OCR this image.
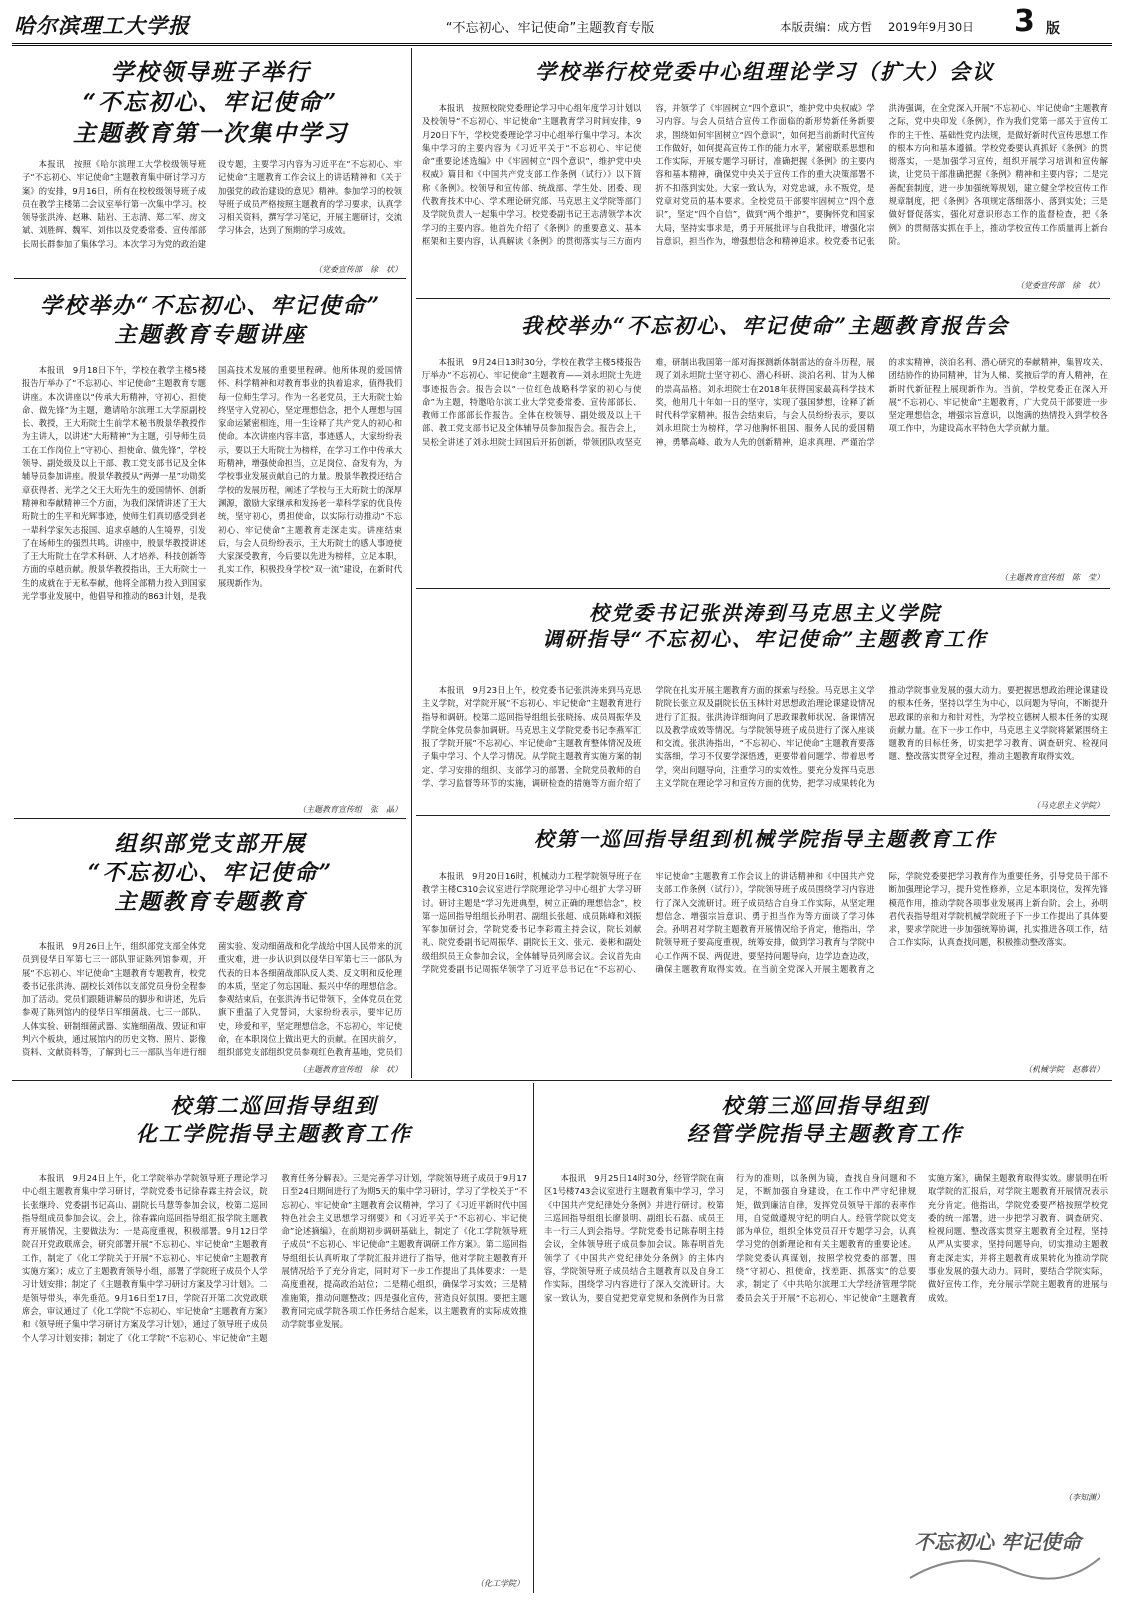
哈尔滨理工大学报	“不忘初心、牢记使命”主题教育专版	本版责编：成方哲	2019年9月30日	3 版
学校领导班子举行
“不忘初心、牢记使命”
主题教育第一次集中学习

本报讯　按照《哈尔滨理工大学校级领导班子“不忘初心、牢记使命”主题教育集中研讨学习方案》的安排，9月16日，所有在校校级领导班子成员在教学主楼第二会议室举行第一次集中学习。校领导张洪涛、赵琳、陆岩、王志清、郑二军、房文斌、刘胜辉、魏军、刘伟以及党委常委、宣传部部长周长群参加了集体学习。本次学习为党的政治建设专题，主要学习内容为习近平在“不忘初心、牢记使命”主题教育工作会议上的讲话精神和《关于加强党的政治建设的意见》精神。参加学习的校领导班子成员严格按照主题教育的学习要求，认真学习相关资料，撰写学习笔记，开展主题研讨，交流学习体会，达到了预期的学习成效。

（党委宣传部　徐　状）
学校举行校党委中心组理论学习（扩大）会议

本报讯　按照校院党委理论学习中心组年度学习计划以及校领导“不忘初心、牢记使命”主题教育学习时间安排，9月20日下午，学校党委理论学习中心组举行集中学习。本次集中学习的主要内容为《习近平关于“不忘初心、牢记使命”重要论述选编》中《牢固树立“四个意识”，维护党中央权威》篇目和《中国共产党支部工作条例（试行）》以下简称《条例》。校领导和宣传部、统战部、学生处、团委、现代教育技术中心、学术理论研究部、马克思主义学院等部门及学院负责人一起集中学习。校党委副书记王志清领学本次学习的主要内容。他首先介绍了《条例》的重要意义、基本框架和主要内容，认真解读《条例》的贯彻落实与三方面内容，并领学了《牢固树立“四个意识”，维护党中央权威》学习内容。与会人员结合宣传工作面临的新形势新任务新要求，围绕如何牢固树立“四个意识”，如何把当前新时代宣传工作做好，如何提高宣传工作的能力水平，紧密联系思想和工作实际，开展专题学习研讨，准确把握《条例》的主要内容和基本精神，确保党中央关于宣传工作的重大决策部署不折不扣落到实处。大家一致认为，对党忠诚，永不叛党，是党章对党员的基本要求。全校党员干部要牢固树立“四个意识”，坚定“四个自信”，做到“两个维护”，要胸怀党和国家大局，坚持实事求是，勇于开展批评与自我批评，增强化宗旨意识，担当作为，增强想信念和精神追求。校党委书记张洪涛强调，在全党深入开展“不忘初心、牢记使命”主题教育之际，党中央印发《条例》，作为我们党第一部关于宣传工作的主干性、基础性党内法规，是做好新时代宣传思想工作的根本方向和基本遵循。学校党委要认真抓好《条例》的贯彻落实，一是加强学习宣传，组织开展学习培训和宣传解读，让党员干部准确把握《条例》精神和主要内容；二是完善配套制度，进一步加强统筹规划，建立健全学校宣传工作规章制度，把《条例》各项规定落细落小、落到实处；三是做好督促落实，强化对意识形态工作的监督检查，把《条例》的贯彻落实抓在手上，推动学校宣传工作质量再上新台阶。

（党委宣传部　徐　状）
学校举办“不忘初心、牢记使命”
主题教育专题讲座

本报讯　9月18日下午，学校在教学主楼5楼报告厅举办了“不忘初心、牢记使命”主题教育专题讲座。本次讲座以“传承大珩精神，守初心、担使命、做先锋”为主题，邀请哈尔滨理工大学原副校长、教授，王大珩院士生前学术秘书殷景华教授作为主讲人，以讲述“大珩精神”为主题，引导师生员工在工作岗位上“守初心、担使命、做先锋”，学校领导、副处级及以上干部、教工党支部书记及全体辅导员参加讲座。殷景华教授从“两弹一星”功勋奖章获得者、光学之父王大珩先生的爱国情怀、创新精神和奉献精神三个方面，为我们深情讲述了王大珩院士的生平和光辉事迹，使师生们真切感受到老一辈科学家矢志报国、追求卓越的人生境界，引发了在场师生的强烈共鸣。讲座中，殷景华教授讲述了王大珩院士在学术科研、人才培养、科技创新等方面的卓越贡献。殷景华教授指出，王大珩院士一生的成就在于无私奉献，他将全部精力投入到国家光学事业发展中，他倡导和推动的863计划，是我国高技术发展的重要里程碑。他所体现的爱国情怀、科学精神和对教育事业的执着追求，值得我们每一位师生学习。作为一名老党员，王大珩院士始终坚守入党初心，坚定理想信念，把个人理想与国家命运紧密相连，用一生诠释了共产党人的初心和使命。本次讲座内容丰富，事迹感人，大家纷纷表示，要以王大珩院士为榜样，在学习工作中传承大珩精神，增强使命担当，立足岗位、奋发有为，为学校事业发展贡献自己的力量。殷景华教授还结合学校的发展历程，阐述了学校与王大珩院士的深厚渊源，激励大家继承和发扬老一辈科学家的优良传统，坚守初心，勇担使命，以实际行动推动“不忘初心、牢记使命”主题教育走深走实。讲座结束后，与会人员纷纷表示，王大珩院士的感人事迹使大家深受教育，今后要以先进为榜样，立足本职，扎实工作，积极投身学校“双一流”建设，在新时代展现新作为。

（主题教育宣传组　张　晶）
我校举办“不忘初心、牢记使命”主题教育报告会

本报讯　9月24日13时30分，学校在教学主楼5楼报告厅举办“不忘初心、牢记使命”主题教育——刘永坦院士先进事迹报告会。报告会以“一位红色战略科学家的初心与使命”为主题，特邀哈尔滨工业大学党委常委、宣传部部长、教师工作部部长作报告。全体在校领导、副处级及以上干部、教工党支部书记及全体辅导员参加报告会。报告会上，吴松全讲述了刘永坦院士回国后开拓创新，带领团队攻坚克难，研制出我国第一部对海探测新体制雷达的奋斗历程，展现了刘永坦院士坚守初心、潜心科研、淡泊名利、甘为人梯的崇高品格。刘永坦院士在2018年获得国家最高科学技术奖，他用几十年如一日的坚守，实现了强国梦想，诠释了新时代科学家精神。报告会结束后，与会人员纷纷表示，要以刘永坦院士为榜样，学习他胸怀祖国、服务人民的爱国精神，勇攀高峰、敢为人先的创新精神，追求真理、严谨治学的求实精神，淡泊名利、潜心研究的奉献精神，集智攻关、团结协作的协同精神，甘为人梯、奖掖后学的育人精神，在新时代新征程上展现新作为。当前，学校党委正在深入开展“不忘初心、牢记使命”主题教育，广大党员干部要进一步坚定理想信念，增强宗旨意识，以饱满的热情投入到学校各项工作中，为建设高水平特色大学贡献力量。

（主题教育宣传组　陈　莹）
校党委书记张洪涛到马克思主义学院
调研指导“不忘初心、牢记使命”主题教育工作

本报讯　9月23日上午，校党委书记张洪涛来到马克思主义学院，对学院开展“不忘初心、牢记使命”主题教育进行指导和调研。校第二巡回指导组组长张晓扬、成员周振华及学院全体党员参加调研。马克思主义学院党委书记李燕军汇报了学院开展“不忘初心、牢记使命”主题教育整体情况及班子集中学习、个人学习情况。从学院主题教育实施方案的制定、学习安排的组织、支部学习的部署、全院党员教师的自学、学习监督等环节的实施，调研检查的措施等方面介绍了学院在扎实开展主题教育方面的探索与经验。马克思主义学院院长张立双及副院长伍玉林针对思想政治理论课建设情况进行了汇报。张洪涛详细询问了思政课教师状况、备课情况以及教学成效等情况。与学院领导班子成员进行了深入座谈和交流。张洪涛指出，“不忘初心、牢记使命”主题教育要落实落细，学习不仅要学深悟透，更要带着问题学、带着思考学，突出问题导向，注重学习的实效性。要充分发挥马克思主义学院在理论学习和宣传方面的优势，把学习成果转化为推动学院事业发展的强大动力。要把握思想政治理论课建设的根本任务，坚持以学生为中心，以问题为导向，不断提升思政课的亲和力和针对性，为学校立德树人根本任务的实现贡献力量。在下一步工作中，马克思主义学院将紧紧围绕主题教育的目标任务，切实把学习教育、调查研究、检视问题、整改落实贯穿全过程，推动主题教育取得实效。

（马克思主义学院）
组织部党支部开展
“不忘初心、牢记使命”
主题教育专题教育

本报讯　9月26日上午，组织部党支部全体党员到侵华日军第七三一部队罪证陈列馆参观，开展“不忘初心、牢记使命”主题教育专题教育，校党委书记张洪涛、副校长刘伟以支部党员身份全程参加了活动。党员们跟随讲解员的脚步和讲述，先后参观了陈列馆内的侵华日军细菌战、七三一部队、人体实验、研制细菌武器、实施细菌战、毁证和审判六个板块，通过展馆内的历史文物、照片、影像资料、文献资料等，了解到七三一部队当年进行细菌实验、发动细菌战和化学战给中国人民带来的沉重灾难，进一步认识到以侵华日军第七三一部队为代表的日本各细菌战部队反人类、反文明和反伦理的本质，坚定了勿忘国耻、振兴中华的理想信念。参观结束后，在张洪涛书记带领下，全体党员在党旗下重温了入党誓词，大家纷纷表示，要牢记历史，珍爱和平，坚定理想信念，不忘初心，牢记使命，在本职岗位上做出更大的贡献。在国庆前夕，组织部党支部组织党员参观红色教育基地，党员们

（主题教育宣传组　徐　状）
校第一巡回指导组到机械学院指导主题教育工作

本报讯　9月20日16时，机械动力工程学院领导班子在教学主楼C310会议室进行学院理论学习中心组扩大学习研讨。研讨主题是“学习先进典型，树立正确的理想信念”，校第一巡回指导组组长孙明君、副组长张超、成员陈峰和刘振军参加研讨会，学院党委书记李彩霞主持会议，院长刘献礼、院党委副书记周振华、副院长王文、张元、姜彬和副处级组织员王众参加会议，全体辅导员列席会议。会议首先由学院党委副书记周振华领学了习近平总书记在“不忘初心、牢记使命”主题教育工作会议上的讲话精神和《中国共产党支部工作条例（试行）》，学院领导班子成员围绕学习内容进行了深入交流研讨。班子成员结合自身工作实际，从坚定理想信念、增强宗旨意识、勇于担当作为等方面谈了学习体会。孙明君对学院主题教育开展情况给予肯定，他指出，学院领导班子要高度重视，统筹安排，做到学习教育与学院中心工作两不误、两促进，要坚持问题导向，边学边查边改，确保主题教育取得实效。在当前全党深入开展主题教育之际，学院党委要把学习教育作为重要任务，引导党员干部不断加强理论学习，提升党性修养，立足本职岗位，发挥先锋模范作用，推动学院各项事业发展再上新台阶。会上，孙明君代表指导组对学院机械学院班子下一步工作提出了具体要求，要求学院进一步加强统筹协调，扎实推进各项工作，结合工作实际，认真查找问题，积极推动整改落实。

（机械学院　赵慕岩）
校第二巡回指导组到
化工学院指导主题教育工作

本报讯　9月24日上午，化工学院举办学院领导班子理论学习中心组主题教育集中学习研讨，学院党委书记徐春霖主持会议，院长张继玲、党委副书记高山、副院长马慧等参加会议，校第二巡回指导组成员参加会议。会上，徐春霖向巡回指导组汇报学院主题教育开展情况，主要做法为：一是高度重视，积极部署。9月12日学院召开党政联席会，研究部署开展“不忘初心、牢记使命”主题教育工作，制定了《化工学院关于开展“不忘初心、牢记使命”主题教育实施方案》；成立了主题教育领导小组，部署了学院班子成员个人学习计划安排；制定了《主题教育集中学习研讨方案及学习计划》。二是领导带头，率先垂范。9月16日至17日，学院召开第二次党政联席会，审议通过了《化工学院“不忘初心、牢记使命”主题教育方案》和《领导班子集中学习研讨方案及学习计划》，通过了领导班子成员个人学习计划安排；制定了《化工学院“不忘初心、牢记使命”主题教育任务分解表》。三是完善学习计划，学院领导班子成员于9月17日至24日期间进行了为期5天的集中学习研讨，学习了学校关于“不忘初心、牢记使命”主题教育会议精神，学习了《习近平新时代中国特色社会主义思想学习纲要》和《习近平关于“不忘初心、牢记使命”论述摘编》，在前期初步调研基础上，制定了《化工学院领导班子成员“不忘初心、牢记使命”主题教育调研工作方案》。第二巡回指导组组长认真听取了学院汇报并进行了指导，他对学院主题教育开展情况给予了充分肯定，同时对下一步工作提出了具体要求：一是高度重视，提高政治站位；二是精心组织，确保学习实效；三是精准施策，推动问题整改；四是强化宣传，营造良好氛围。要把主题教育同完成学院各项工作任务结合起来，以主题教育的实际成效推动学院事业发展。

（化工学院）
校第三巡回指导组到
经管学院指导主题教育工作

本报讯　9月25日14时30分，经管学院在南区1号楼743会议室进行主题教育集中学习，学习《中国共产党纪律处分条例》并进行研讨。校第三巡回指导组组长廖景明、副组长石磊、成员王丰一行三人到会指导。学院党委书记陈春明主持会议，全体领导班子成员参加会议。陈春明首先领学了《中国共产党纪律处分条例》的主体内容，学院领导班子成员结合主题教育以及自身工作实际，围绕学习内容进行了深入交流研讨。大家一致认为，要自觉把党章党规和条例作为日常行为的准则，以条例为镜，查找自身问题和不足，不断加强自身建设，在工作中严守纪律规矩，做到廉洁自律，发挥党员领导干部的表率作用，自觉做遵规守纪的明白人。经管学院以党支部为单位，组织全体党员召开专题学习会，认真学习党的创新理论和有关主题教育的重要论述。学院党委认真谋划，按照学校党委的部署，围绕“守初心、担使命，找差距、抓落实”的总要求，制定了《中共哈尔滨理工大学经济管理学院委员会关于开展“不忘初心、牢记使命”主题教育实施方案》，确保主题教育取得实效。廖景明在听取学院的汇报后，对学院主题教育开展情况表示充分肯定。他指出，学院党委要严格按照学校党委的统一部署，进一步把学习教育、调查研究、检视问题、整改落实贯穿主题教育全过程，坚持从严从实要求，坚持问题导向，切实推动主题教育走深走实，并将主题教育成果转化为推动学院事业发展的强大动力。同时，要结合学院实际，做好宣传工作，充分展示学院主题教育的进展与成效。

（李知渊）
不忘初心 牢记使命
